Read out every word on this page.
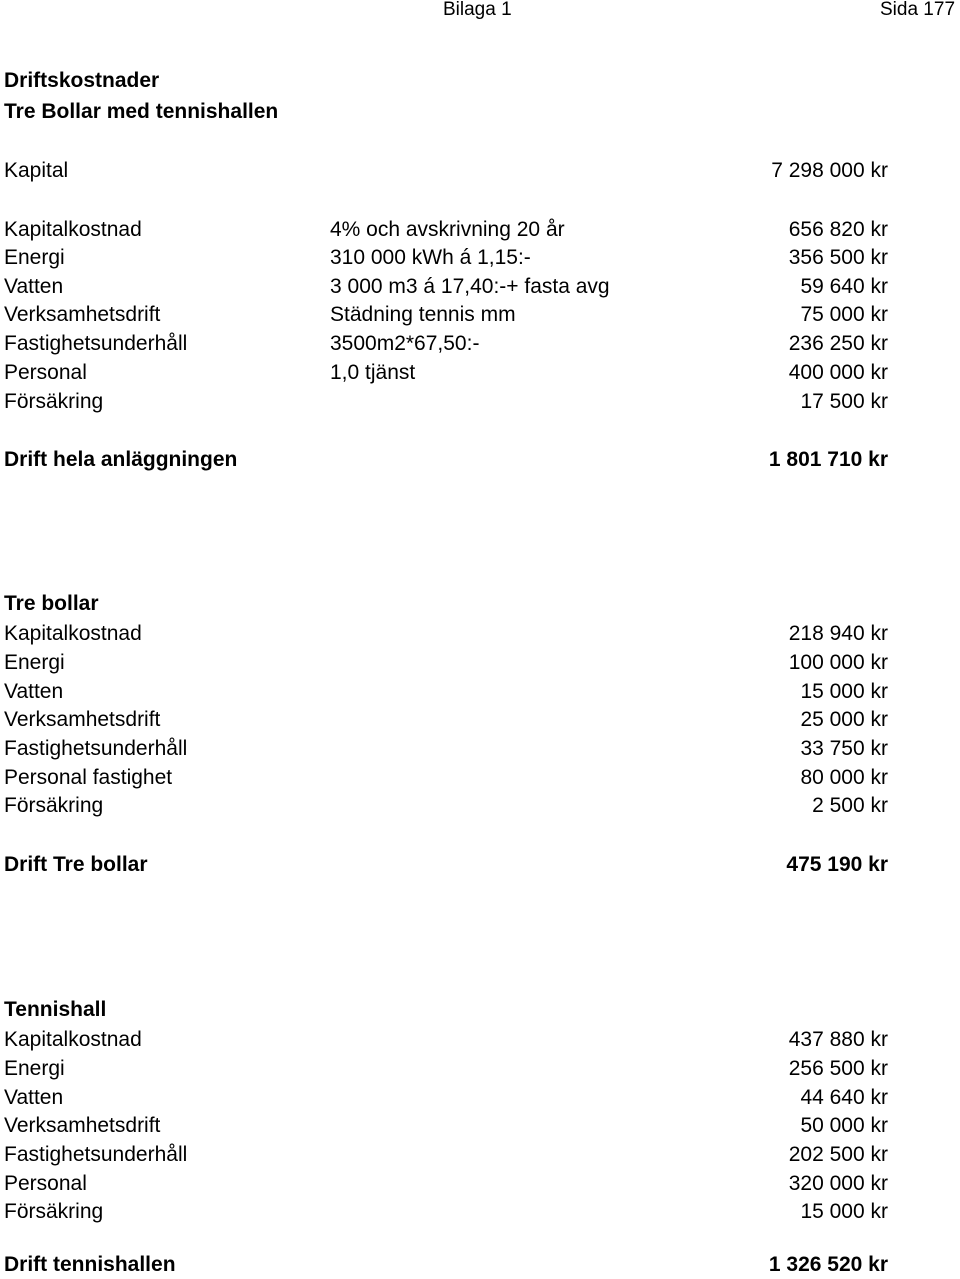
Bilaga 1	Sida 177
Driftskostnader
Tre Bollar med tennishallen
Kapital	7 298 000 kr
Kapitalkostnad	4% och avskrivning 20 år	656 820 kr
Energi	310 000 kWh á 1,15:-	356 500 kr
Vatten	3 000 m3 á 17,40:-+ fasta avg	59 640 kr
Verksamhetsdrift	Städning tennis mm	75 000 kr
Fastighetsunderhåll	3500m2*67,50:-	236 250 kr
Personal	1,0 tjänst	400 000 kr
Försäkring	17 500 kr
Drift hela anläggningen	1 801 710 kr
Tre bollar
Kapitalkostnad	218 940 kr
Energi	100 000 kr
Vatten	15 000 kr
Verksamhetsdrift	25 000 kr
Fastighetsunderhåll	33 750 kr
Personal fastighet	80 000 kr
Försäkring	2 500 kr
Drift Tre bollar	475 190 kr
Tennishall
Kapitalkostnad	437 880 kr
Energi	256 500 kr
Vatten	44 640 kr
Verksamhetsdrift	50 000 kr
Fastighetsunderhåll	202 500 kr
Personal	320 000 kr
Försäkring	15 000 kr
Drift tennishallen	1 326 520 kr
